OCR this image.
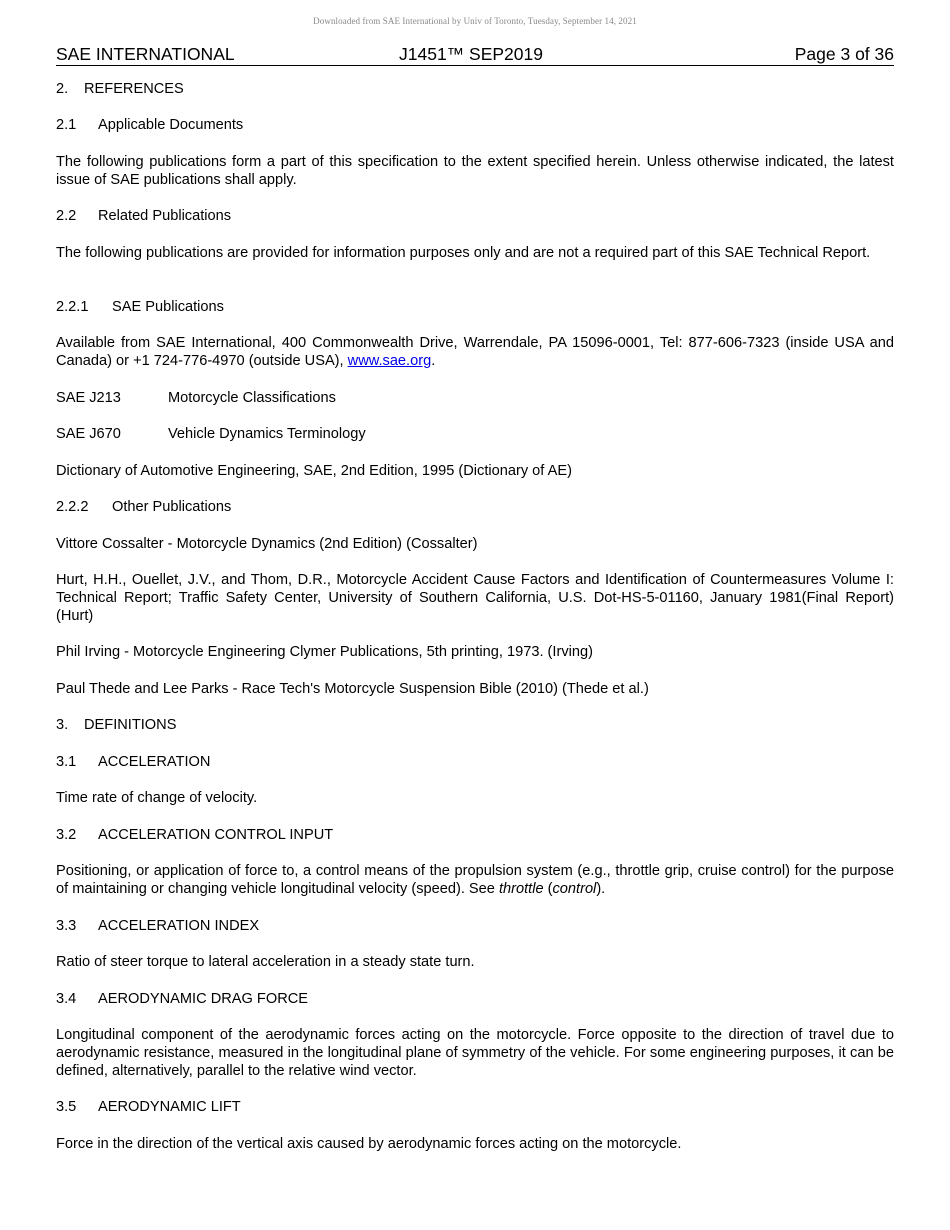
Downloaded from SAE International by Univ of Toronto, Tuesday, September 14, 2021
SAE INTERNATIONAL	J1451™ SEP2019	Page 3 of 36

2. REFERENCES

2.1 Applicable Documents

The following publications form a part of this specification to the extent specified herein. Unless otherwise indicated, the latest issue of SAE publications shall apply.

2.2 Related Publications

The following publications are provided for information purposes only and are not a required part of this SAE Technical Report.

2.2.1 SAE Publications

Available from SAE International, 400 Commonwealth Drive, Warrendale, PA 15096-0001, Tel: 877-606-7323 (inside USA and Canada) or +1 724-776-4970 (outside USA), www.sae.org.

SAE J213	Motorcycle Classifications

SAE J670	Vehicle Dynamics Terminology

Dictionary of Automotive Engineering, SAE, 2nd Edition, 1995 (Dictionary of AE)

2.2.2 Other Publications

Vittore Cossalter - Motorcycle Dynamics (2nd Edition) (Cossalter)

Hurt, H.H., Ouellet, J.V., and Thom, D.R., Motorcycle Accident Cause Factors and Identification of Countermeasures Volume I: Technical Report; Traffic Safety Center, University of Southern California, U.S. Dot-HS-5-01160, January 1981(Final Report) (Hurt)

Phil Irving - Motorcycle Engineering Clymer Publications, 5th printing, 1973. (Irving)

Paul Thede and Lee Parks - Race Tech's Motorcycle Suspension Bible (2010) (Thede et al.)

3. DEFINITIONS

3.1 ACCELERATION

Time rate of change of velocity.

3.2 ACCELERATION CONTROL INPUT

Positioning, or application of force to, a control means of the propulsion system (e.g., throttle grip, cruise control) for the purpose of maintaining or changing vehicle longitudinal velocity (speed). See throttle (control).

3.3 ACCELERATION INDEX

Ratio of steer torque to lateral acceleration in a steady state turn.

3.4 AERODYNAMIC DRAG FORCE

Longitudinal component of the aerodynamic forces acting on the motorcycle. Force opposite to the direction of travel due to aerodynamic resistance, measured in the longitudinal plane of symmetry of the vehicle. For some engineering purposes, it can be defined, alternatively, parallel to the relative wind vector.

3.5 AERODYNAMIC LIFT

Force in the direction of the vertical axis caused by aerodynamic forces acting on the motorcycle.
